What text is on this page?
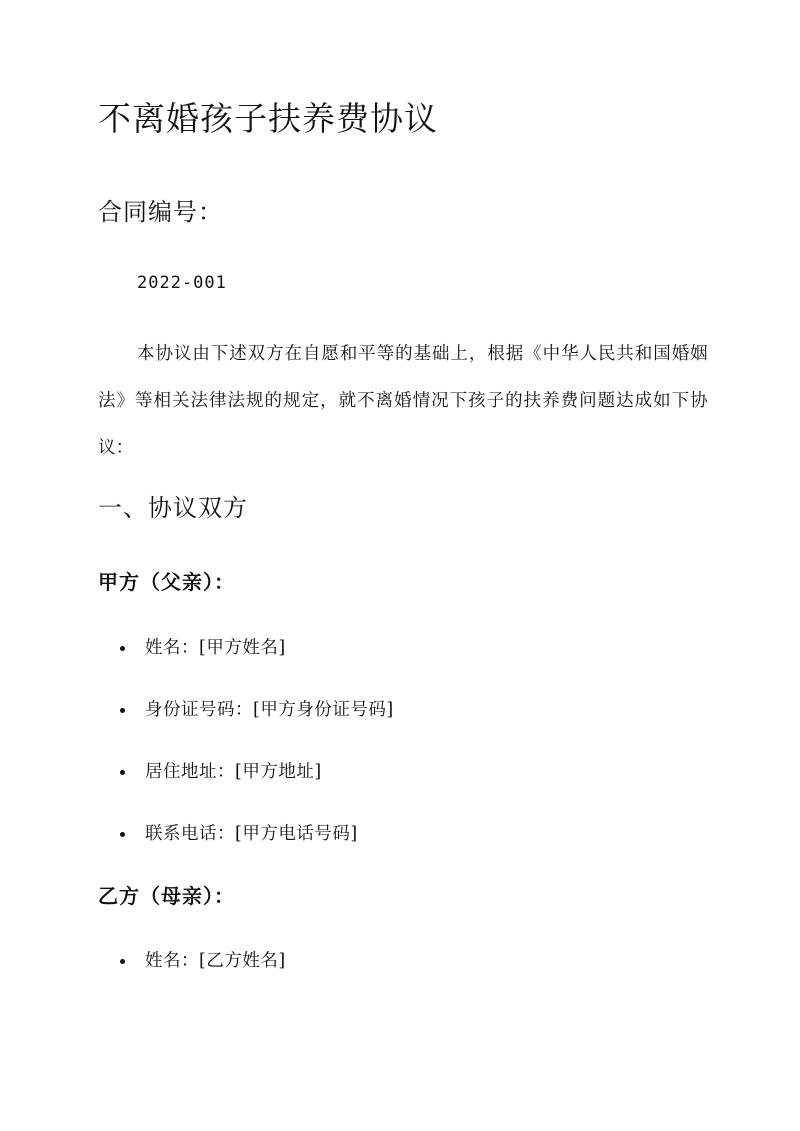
不离婚孩子扶养费协议
合同编号：
2022-001

本协议由下述双方在自愿和平等的基础上，根据《中华人民共和国婚姻法》等相关法律法规的规定，就不离婚情况下孩子的扶养费问题达成如下协议：

一、协议双方
甲方（父亲）：
姓名：[甲方姓名]
身份证号码：[甲方身份证号码]
居住地址：[甲方地址]
联系电话：[甲方电话号码]
乙方（母亲）：
姓名：[乙方姓名]
